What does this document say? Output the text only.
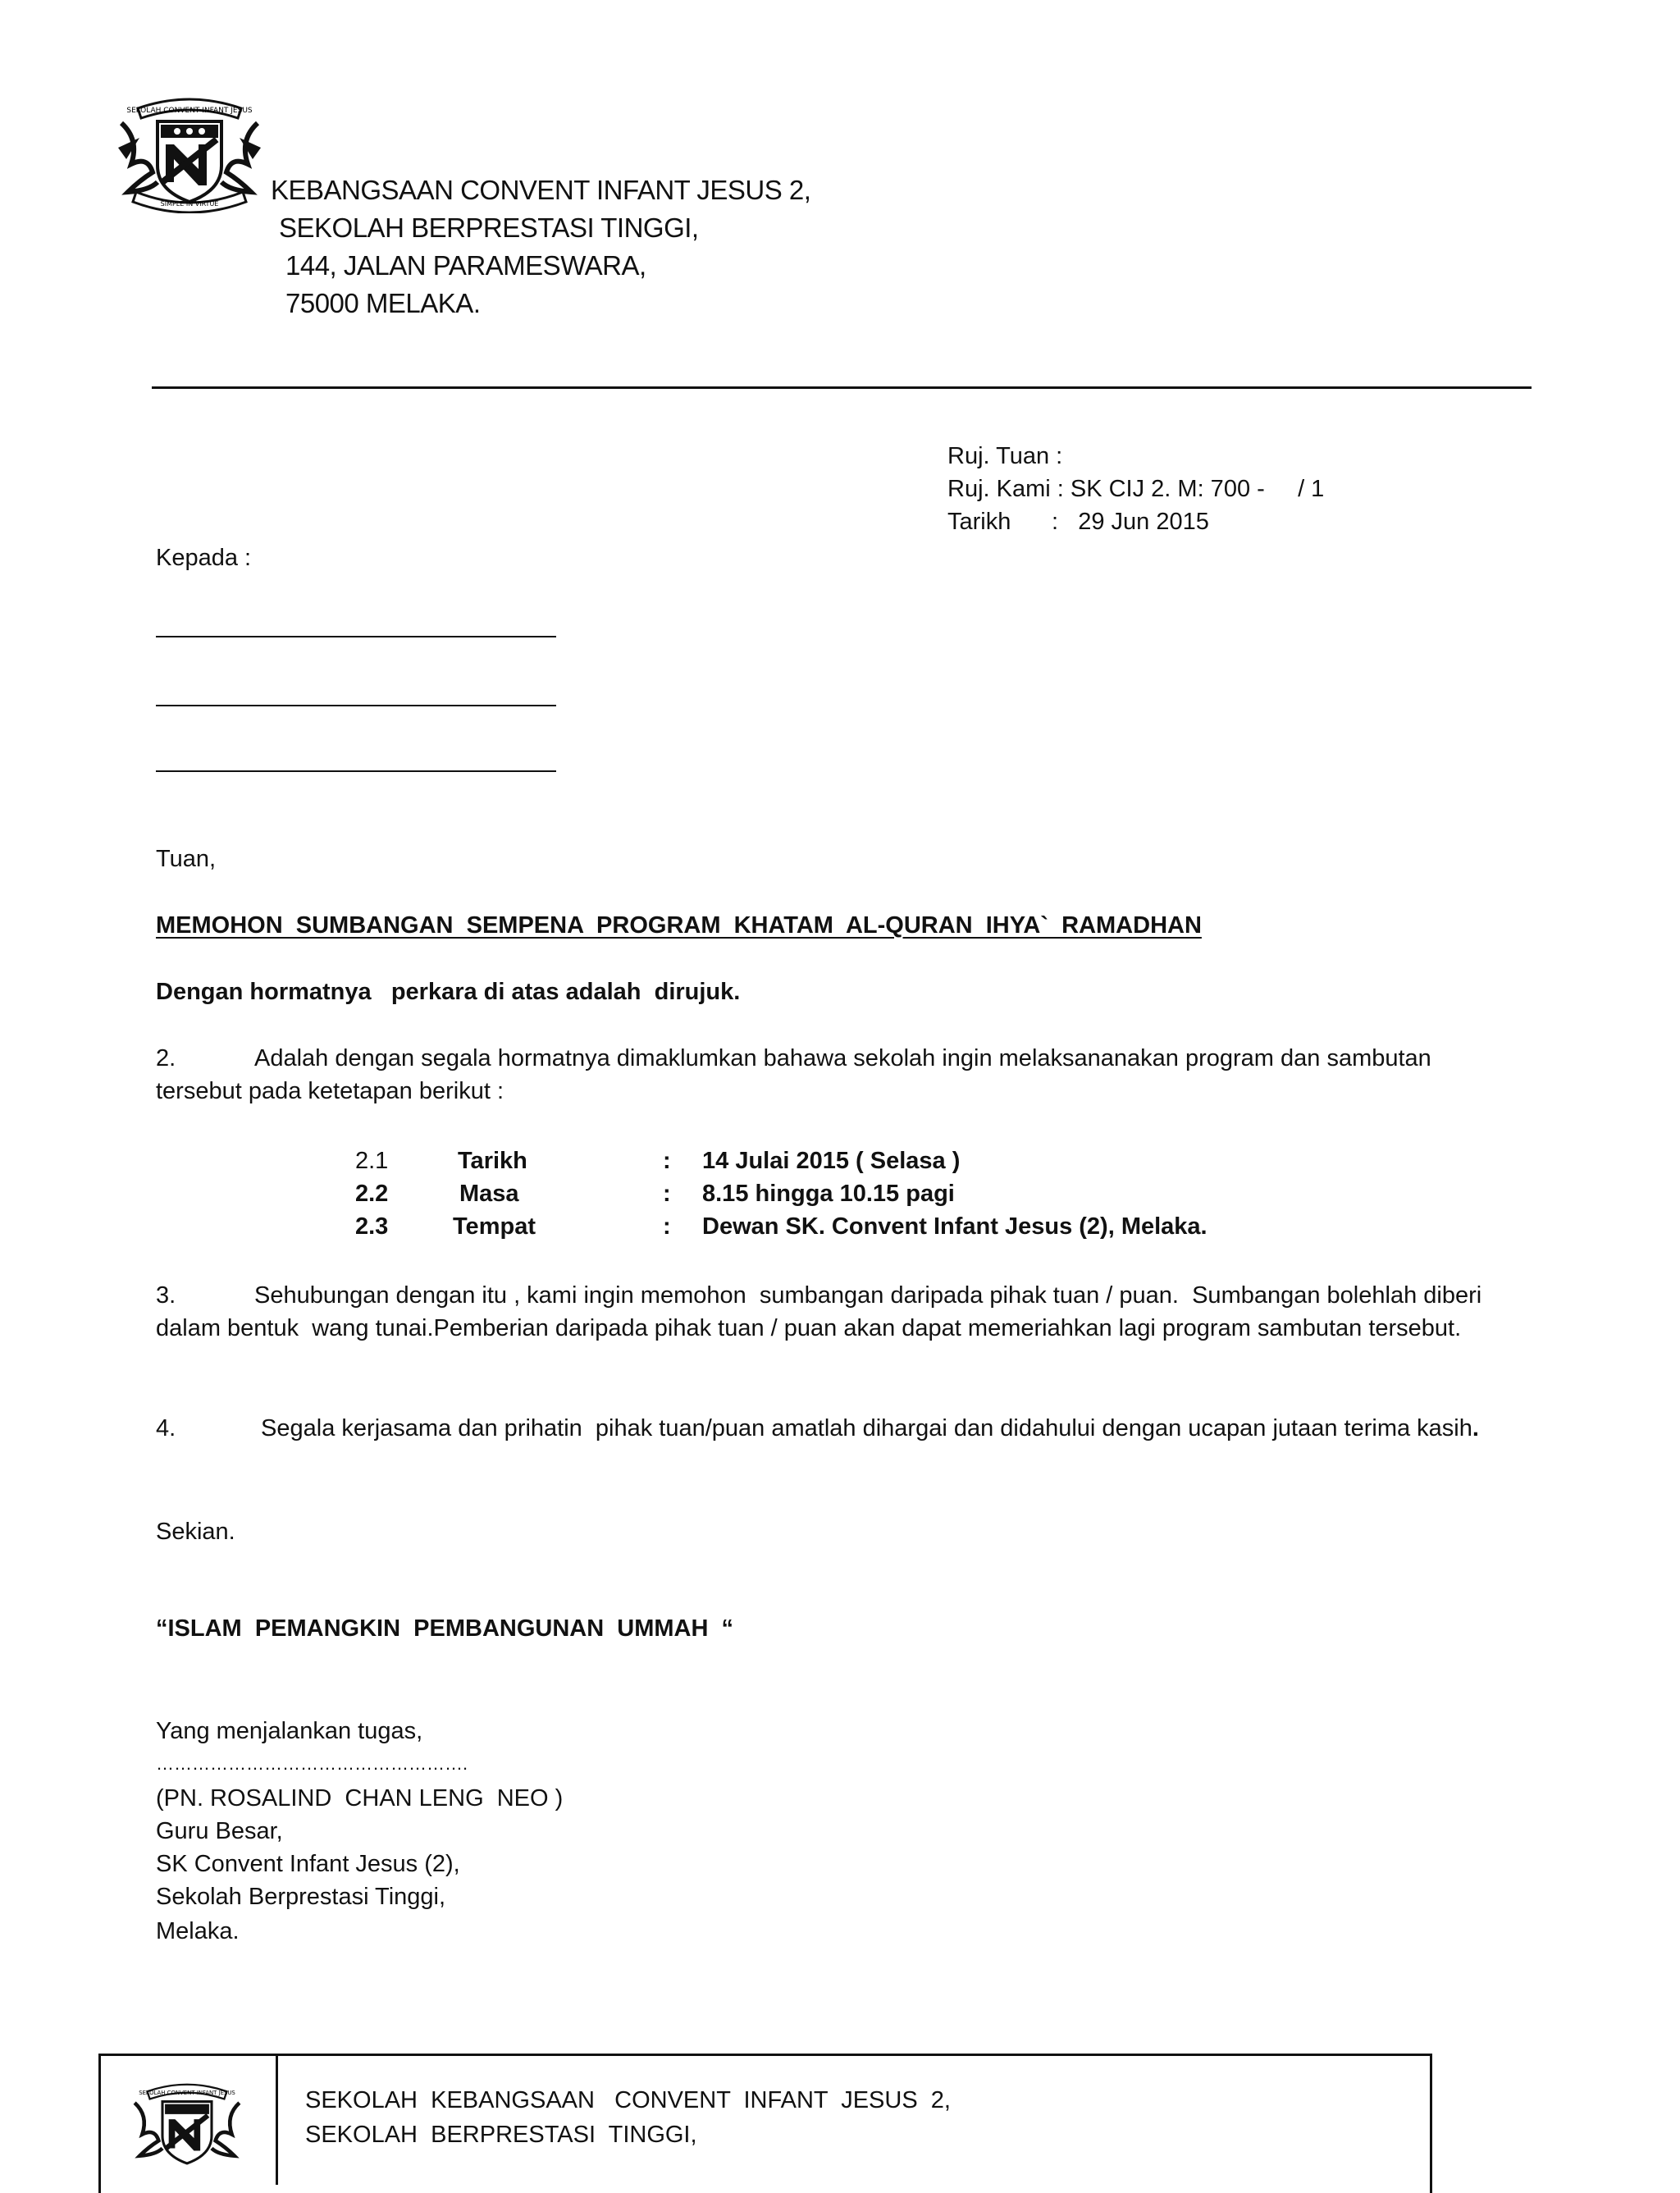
SEKOLAH CONVENT INFANT JESUS
SIMPLE IN VIRTUE KEBANGSAAN CONVENT INFANT JESUS 2,
SEKOLAH BERPRESTASI TINGGI,
144, JALAN PARAMESWARA,
75000 MELAKA.
Ruj. Tuan :
Ruj. Kami : SK CIJ 2. M: 700 -     / 1
Tarikh :   29 Jun 2015
Kepada :
Tuan,
MEMOHON  SUMBANGAN  SEMPENA  PROGRAM  KHATAM  AL-QURAN  IHYA`  RAMADHAN
Dengan hormatnya   perkara di atas adalah  dirujuk.
2.	Adalah dengan segala hormatnya dimaklumkan bahawa sekolah ingin melaksananakan program dan sambutan tersebut pada ketetapan berikut :
2.1	Tarikh	: 14 Julai 2015 ( Selasa )
2.2	Masa	: 8.15 hingga 10.15 pagi
2.3	Tempat	: Dewan SK. Convent Infant Jesus (2), Melaka.
3.	Sehubungan dengan itu , kami ingin memohon  sumbangan daripada pihak tuan / puan.  Sumbangan bolehlah diberi dalam bentuk  wang tunai.Pemberian daripada pihak tuan / puan akan dapat memeriahkan lagi program sambutan tersebut.
4.	Segala kerjasama dan prihatin  pihak tuan/puan amatlah dihargai dan didahului dengan ucapan jutaan terima kasih.
Sekian.
“ISLAM  PEMANGKIN  PEMBANGUNAN  UMMAH  “
Yang menjalankan tugas,
…………………………………………….
(PN. ROSALIND  CHAN LENG  NEO )
Guru Besar,
SK Convent Infant Jesus (2),
Sekolah Berprestasi Tinggi,
Melaka.
SEKOLAH CONVENT INFANT JESUS	SEKOLAH  KEBANGSAAN   CONVENT  INFANT  JESUS  2,
SEKOLAH  BERPRESTASI  TINGGI,
